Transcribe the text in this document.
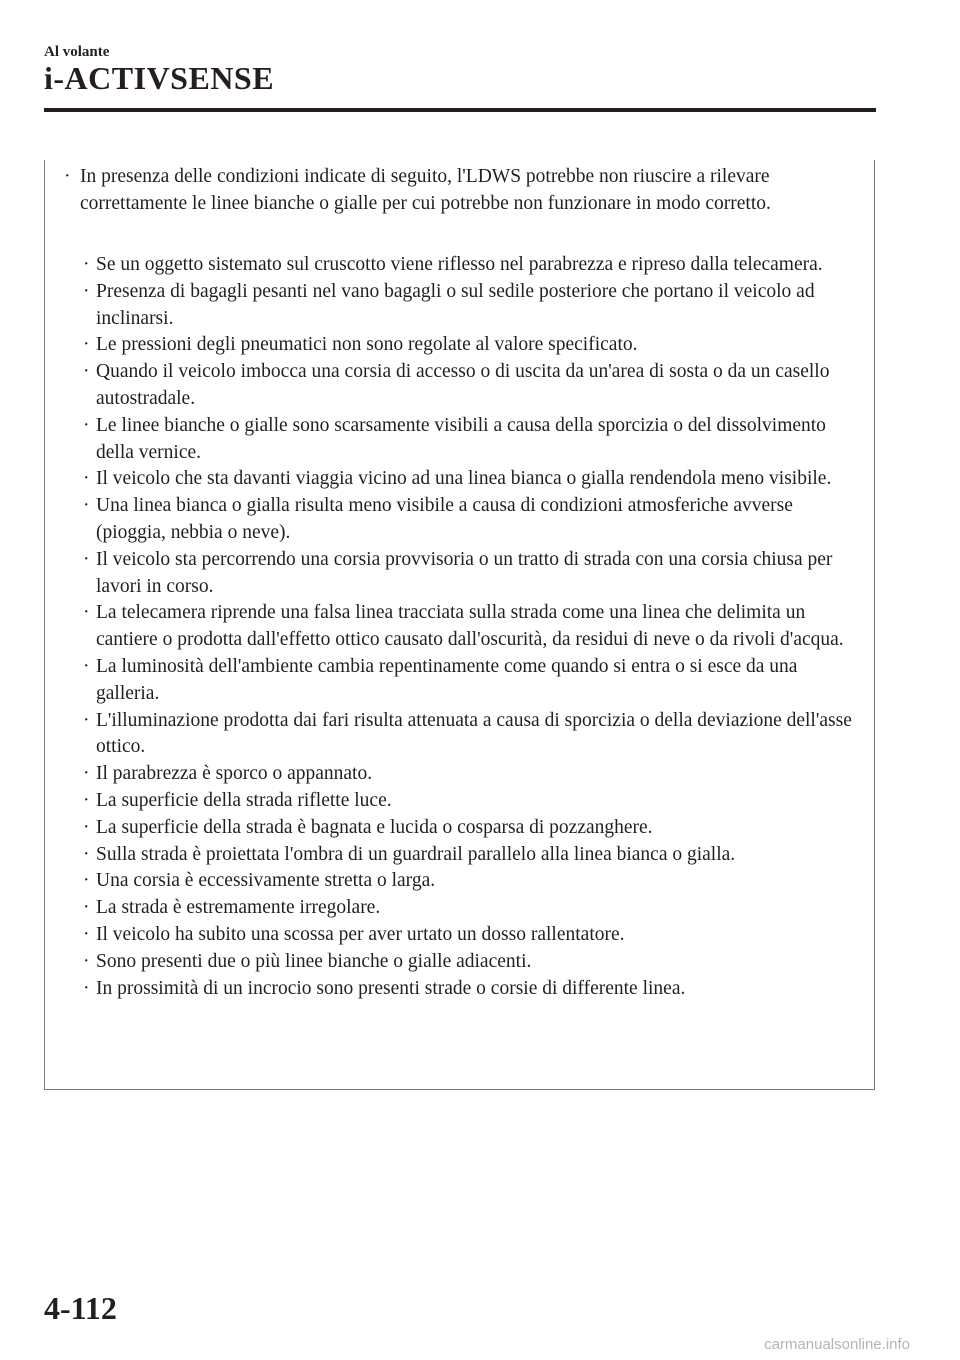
Al volante
i-ACTIVSENSE
· In presenza delle condizioni indicate di seguito, l'LDWS potrebbe non riuscire a rilevare correttamente le linee bianche o gialle per cui potrebbe non funzionare in modo corretto.
· Se un oggetto sistemato sul cruscotto viene riflesso nel parabrezza e ripreso dalla telecamera.
· Presenza di bagagli pesanti nel vano bagagli o sul sedile posteriore che portano il veicolo ad inclinarsi.
· Le pressioni degli pneumatici non sono regolate al valore specificato.
· Quando il veicolo imbocca una corsia di accesso o di uscita da un'area di sosta o da un casello autostradale.
· Le linee bianche o gialle sono scarsamente visibili a causa della sporcizia o del dissolvimento della vernice.
· Il veicolo che sta davanti viaggia vicino ad una linea bianca o gialla rendendola meno visibile.
· Una linea bianca o gialla risulta meno visibile a causa di condizioni atmosferiche avverse (pioggia, nebbia o neve).
· Il veicolo sta percorrendo una corsia provvisoria o un tratto di strada con una corsia chiusa per lavori in corso.
· La telecamera riprende una falsa linea tracciata sulla strada come una linea che delimita un cantiere o prodotta dall'effetto ottico causato dall'oscurità, da residui di neve o da rivoli d'acqua.
· La luminosità dell'ambiente cambia repentinamente come quando si entra o si esce da una galleria.
· L'illuminazione prodotta dai fari risulta attenuata a causa di sporcizia o della deviazione dell'asse ottico.
· Il parabrezza è sporco o appannato.
· La superficie della strada riflette luce.
· La superficie della strada è bagnata e lucida o cosparsa di pozzanghere.
· Sulla strada è proiettata l'ombra di un guardrail parallelo alla linea bianca o gialla.
· Una corsia è eccessivamente stretta o larga.
· La strada è estremamente irregolare.
· Il veicolo ha subito una scossa per aver urtato un dosso rallentatore.
· Sono presenti due o più linee bianche o gialle adiacenti.
· In prossimità di un incrocio sono presenti strade o corsie di differente linea.
4-112
carmanualsonline.info
